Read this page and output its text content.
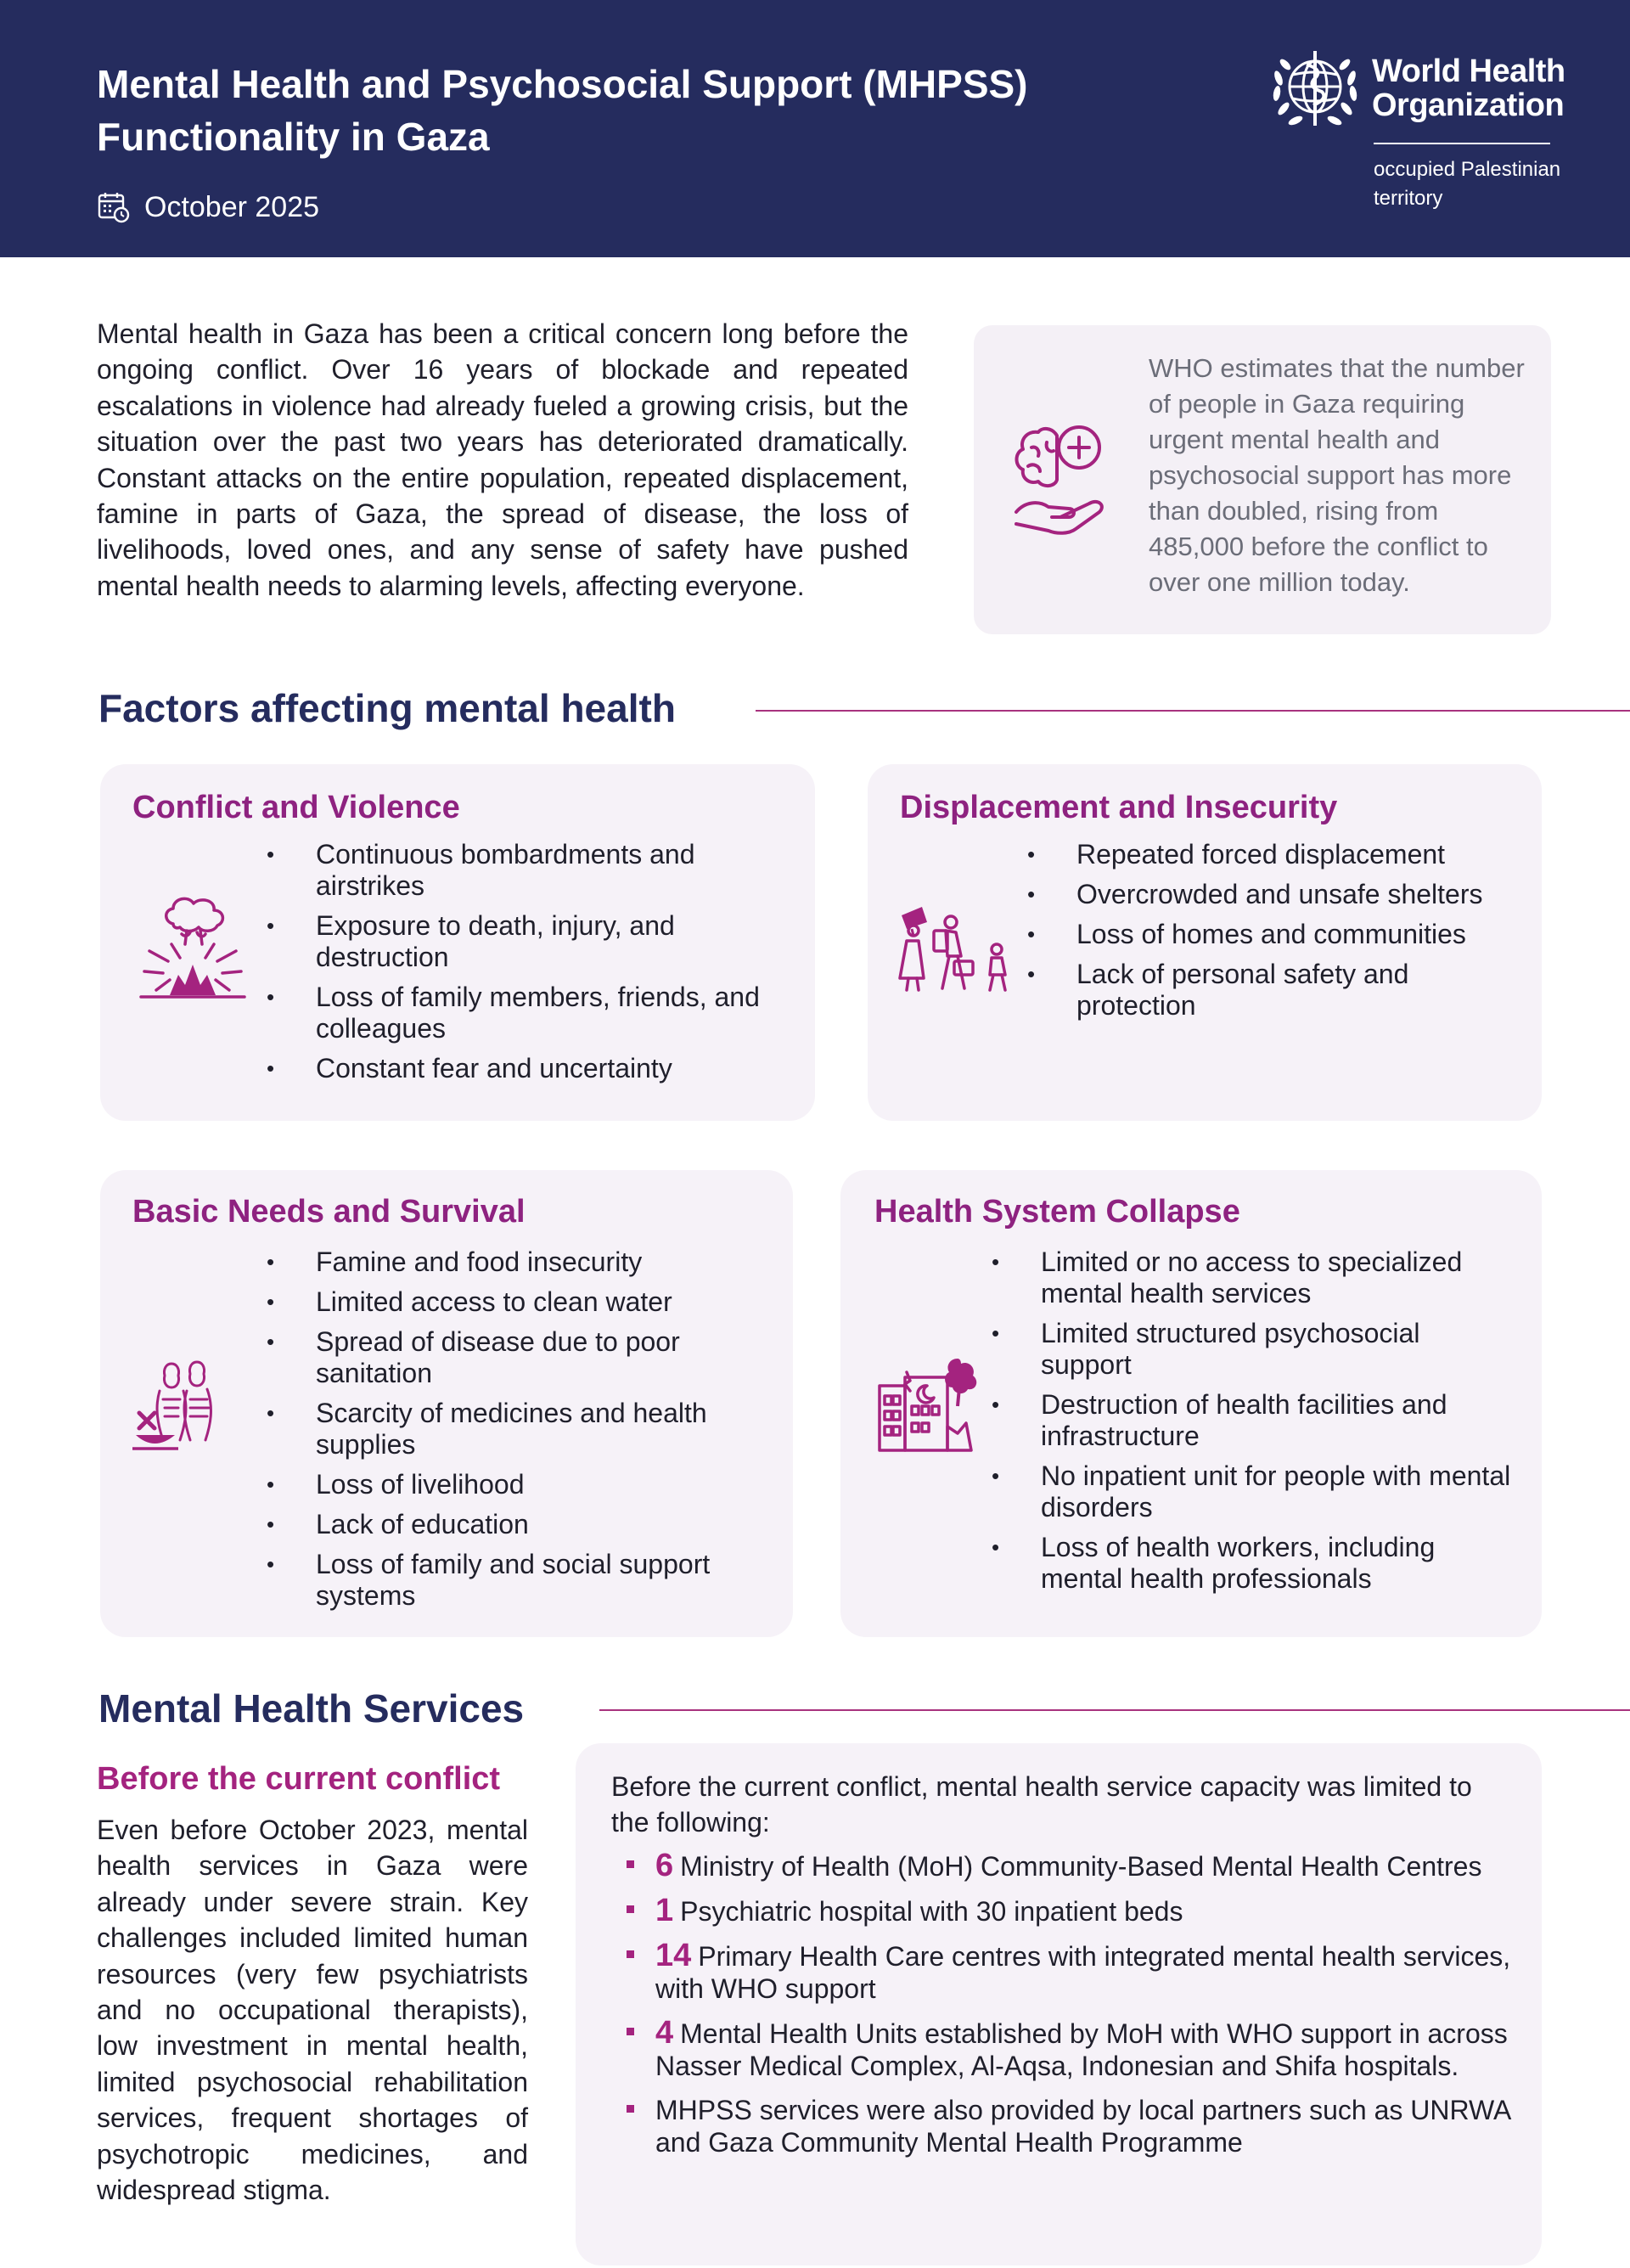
Mental Health and Psychosocial Support (MHPSS)
Functionality in Gaza
October 2025
World Health
Organization
occupied Palestinian
territory
Mental health in Gaza has been a critical concern long before the ongoing conflict. Over 16 years of blockade and repeated escalations in violence had already fueled a growing crisis, but the situation over the past two years has deteriorated dramatically. Constant attacks on the entire population, repeated displacement, famine in parts of Gaza, the spread of disease, the loss of livelihoods, loved ones, and any sense of safety have pushed mental health needs to alarming levels, affecting everyone.
WHO estimates that the number of people in Gaza requiring urgent mental health and psychosocial support has more than doubled, rising from 485,000 before the conflict to over one million today.
Factors affecting mental health
Conflict and Violence
• Continuous bombardments and airstrikes
• Exposure to death, injury, and destruction
• Loss of family members, friends, and colleagues
• Constant fear and uncertainty
Displacement and Insecurity
• Repeated forced displacement
• Overcrowded and unsafe shelters
• Loss of homes and communities
• Lack of personal safety and protection
Basic Needs and Survival
• Famine and food insecurity
• Limited access to clean water
• Spread of disease due to poor sanitation
• Scarcity of medicines and health supplies
• Loss of livelihood
• Lack of education
• Loss of family and social support systems
Health System Collapse
• Limited or no access to specialized mental health services
• Limited structured psychosocial support
• Destruction of health facilities and infrastructure
• No inpatient unit for people with mental disorders
• Loss of health workers, including mental health professionals
Mental Health Services
Before the current conflict
Even before October 2023, mental health services in Gaza were already under severe strain. Key challenges included limited human resources (very few psychiatrists and no occupational therapists), low investment in mental health, limited psychosocial rehabilitation services, frequent shortages of psychotropic medicines, and widespread stigma.
Before the current conflict, mental health service capacity was limited to the following:
6 Ministry of Health (MoH) Community-Based Mental Health Centres
1 Psychiatric hospital with 30 inpatient beds
14 Primary Health Care centres with integrated mental health services, with WHO support
4 Mental Health Units established by MoH with WHO support in across Nasser Medical Complex, Al-Aqsa, Indonesian and Shifa hospitals.
MHPSS services were also provided by local partners such as UNRWA and Gaza Community Mental Health Programme
